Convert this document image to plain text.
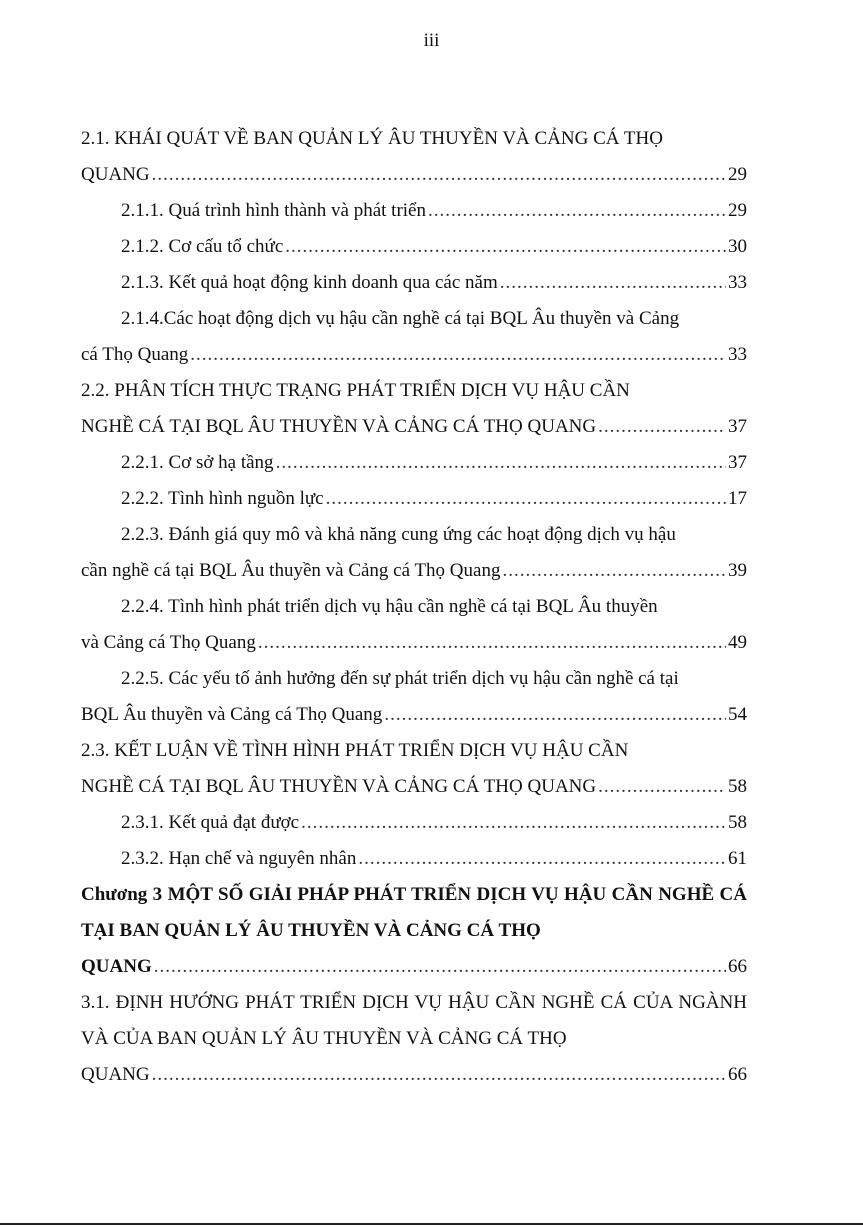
iii
2.1. KHÁI QUÁT VỀ BAN QUẢN LÝ ÂU THUYỀN VÀ CẢNG CÁ THỌ
QUANG .....	29
2.1.1. Quá trình hình thành và phát triển .....	29
2.1.2. Cơ cấu tổ chức .....	30
2.1.3. Kết quả hoạt động kinh doanh qua các năm .....	33
2.1.4.Các hoạt động dịch vụ hậu cần nghề cá tại BQL Âu thuyền và Cảng
cá Thọ Quang .....	33
2.2. PHÂN TÍCH THỰC TRẠNG PHÁT TRIỂN DỊCH VỤ HẬU CẦN
NGHỀ CÁ TẠI BQL ÂU THUYỀN VÀ CẢNG CÁ THỌ QUANG .....	37
2.2.1. Cơ sở hạ tầng .....	37
2.2.2. Tình hình nguồn lực .....	17
2.2.3. Đánh giá quy mô và khả năng cung ứng các hoạt động dịch vụ hậu
cần nghề cá tại BQL Âu thuyền và Cảng cá Thọ Quang .....	39
2.2.4. Tình hình phát triển dịch vụ hậu cần nghề cá tại BQL Âu thuyền
và Cảng cá Thọ Quang .....	49
2.2.5. Các yếu tố ảnh hưởng đến sự phát triển dịch vụ hậu cần nghề cá tại
BQL Âu thuyền và Cảng cá Thọ Quang .....	54
2.3. KẾT LUẬN VỀ TÌNH HÌNH PHÁT TRIỂN DỊCH VỤ HẬU CẦN
NGHỀ CÁ TẠI BQL ÂU THUYỀN VÀ CẢNG CÁ THỌ QUANG .....	58
2.3.1. Kết quả đạt được .....	58
2.3.2. Hạn chế và nguyên nhân .....	61
Chương 3 MỘT SỐ GIẢI PHÁP PHÁT TRIỂN DỊCH VỤ HẬU CẦN NGHỀ CÁ TẠI BAN QUẢN LÝ ÂU THUYỀN VÀ CẢNG CÁ THỌ
QUANG .....	66
3.1. ĐỊNH HƯỚNG PHÁT TRIỂN DỊCH VỤ HẬU CẦN NGHỀ CÁ CỦA NGÀNH VÀ CỦA BAN QUẢN LÝ ÂU THUYỀN VÀ CẢNG CÁ THỌ
QUANG .....	66
